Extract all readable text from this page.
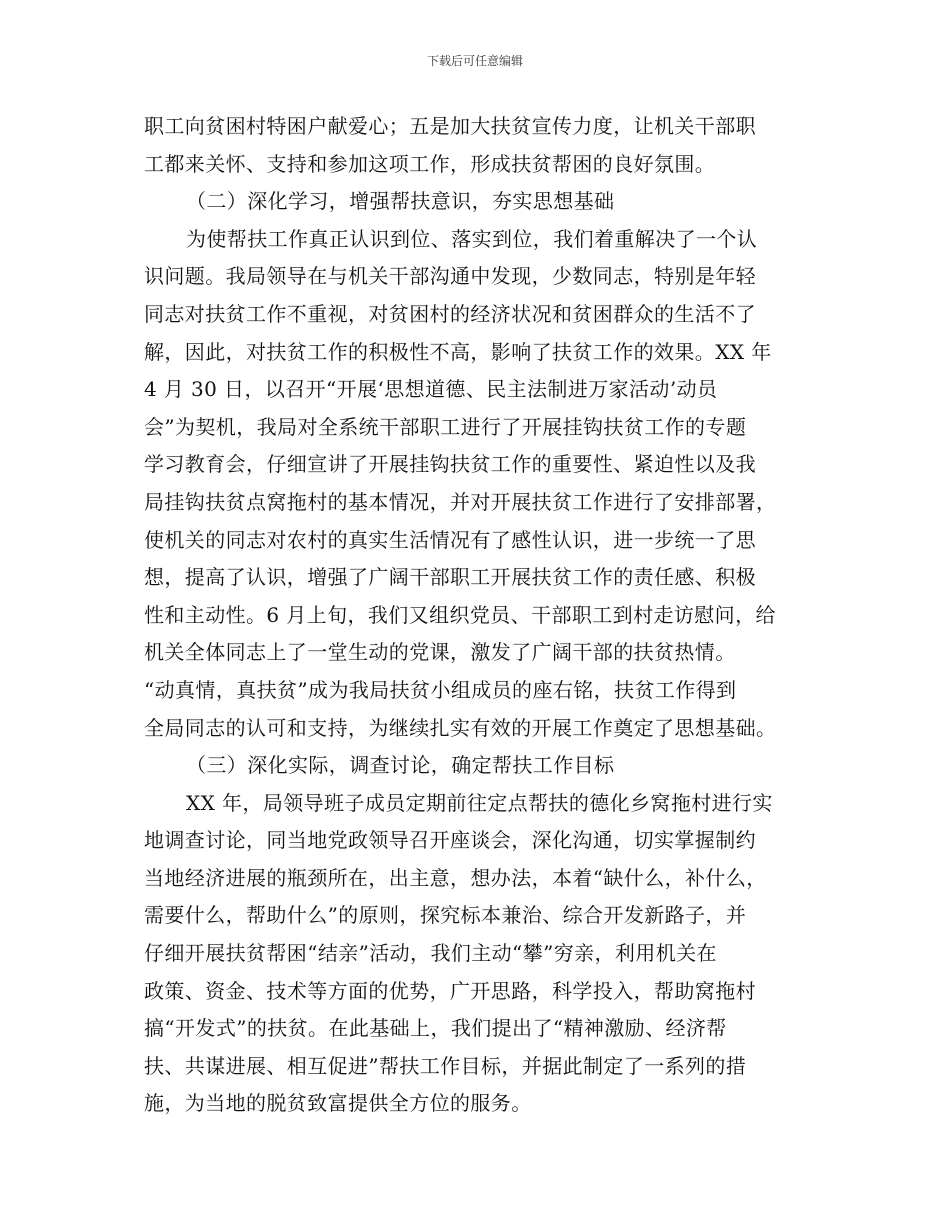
下载后可任意编辑
职工向贫困村特困户献爱心；五是加大扶贫宣传力度，让机关干部职
工都来关怀、支持和参加这项工作，形成扶贫帮困的良好氛围。
（二）深化学习，增强帮扶意识，夯实思想基础
为使帮扶工作真正认识到位、落实到位，我们着重解决了一个认
识问题。我局领导在与机关干部沟通中发现，少数同志，特别是年轻
同志对扶贫工作不重视，对贫困村的经济状况和贫困群众的生活不了
解，因此，对扶贫工作的积极性不高，影响了扶贫工作的效果。XX 年
4 月 30 日，以召开“开展‘思想道德、民主法制进万家活动’动员
会”为契机，我局对全系统干部职工进行了开展挂钩扶贫工作的专题
学习教育会，仔细宣讲了开展挂钩扶贫工作的重要性、紧迫性以及我
局挂钩扶贫点窝拖村的基本情况，并对开展扶贫工作进行了安排部署，
使机关的同志对农村的真实生活情况有了感性认识，进一步统一了思
想，提高了认识，增强了广阔干部职工开展扶贫工作的责任感、积极
性和主动性。6 月上旬，我们又组织党员、干部职工到村走访慰问，给
机关全体同志上了一堂生动的党课，激发了广阔干部的扶贫热情。
“动真情，真扶贫”成为我局扶贫小组成员的座右铭，扶贫工作得到
全局同志的认可和支持，为继续扎实有效的开展工作奠定了思想基础。
（三）深化实际，调查讨论，确定帮扶工作目标
XX 年，局领导班子成员定期前往定点帮扶的德化乡窝拖村进行实
地调查讨论，同当地党政领导召开座谈会，深化沟通，切实掌握制约
当地经济进展的瓶颈所在，出主意，想办法，本着“缺什么，补什么，
需要什么，帮助什么”的原则，探究标本兼治、综合开发新路子，并
仔细开展扶贫帮困“结亲”活动，我们主动“攀”穷亲，利用机关在
政策、资金、技术等方面的优势，广开思路，科学投入，帮助窝拖村
搞“开发式”的扶贫。在此基础上，我们提出了“精神激励、经济帮
扶、共谋进展、相互促进”帮扶工作目标，并据此制定了一系列的措
施，为当地的脱贫致富提供全方位的服务。
